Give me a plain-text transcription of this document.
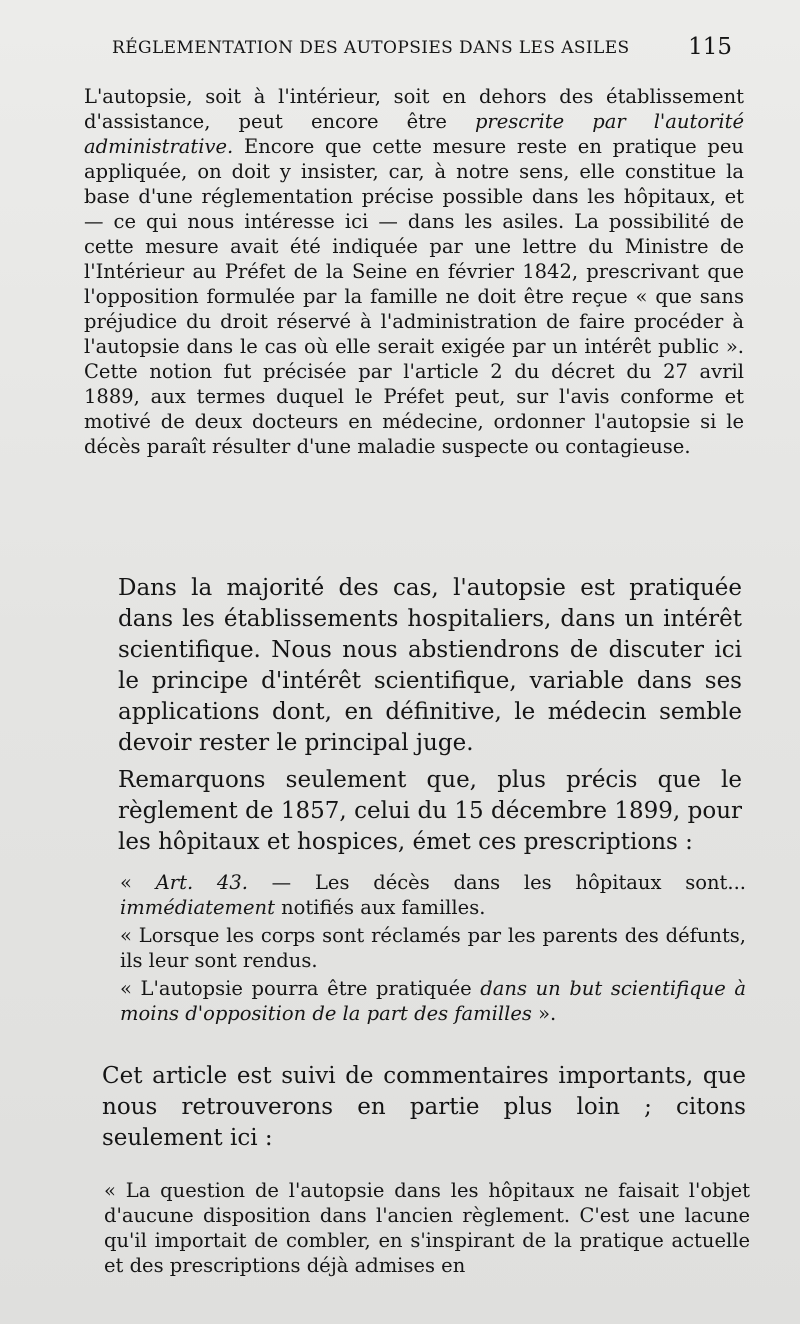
RÉGLEMENTATION DES AUTOPSIES DANS LES ASILES	115

L'autopsie, soit à l'intérieur, soit en dehors des établissement d'assistance, peut encore être prescrite par l'autorité administrative. Encore que cette mesure reste en pratique peu appliquée, on doit y insister, car, à notre sens, elle constitue la base d'une réglementation précise possible dans les hôpitaux, et — ce qui nous intéresse ici — dans les asiles. La possibilité de cette mesure avait été indiquée par une lettre du Ministre de l'Intérieur au Préfet de la Seine en février 1842, prescrivant que l'opposition formulée par la famille ne doit être reçue « que sans préjudice du droit réservé à l'administration de faire procéder à l'autopsie dans le cas où elle serait exigée par un intérêt public ». Cette notion fut précisée par l'article 2 du décret du 27 avril 1889, aux termes duquel le Préfet peut, sur l'avis conforme et motivé de deux docteurs en médecine, ordonner l'autopsie si le décès paraît résulter d'une maladie suspecte ou contagieuse.

Dans la majorité des cas, l'autopsie est pratiquée dans les établissements hospitaliers, dans un intérêt scientifique. Nous nous abstiendrons de discuter ici le principe d'intérêt scientifique, variable dans ses applications dont, en définitive, le médecin semble devoir rester le principal juge.

Remarquons seulement que, plus précis que le règlement de 1857, celui du 15 décembre 1899, pour les hôpitaux et hospices, émet ces prescriptions :

« Art. 43. — Les décès dans les hôpitaux sont... immédiatement notifiés aux familles.

« Lorsque les corps sont réclamés par les parents des défunts, ils leur sont rendus.

« L'autopsie pourra être pratiquée dans un but scientifique à moins d'opposition de la part des familles ».

Cet article est suivi de commentaires importants, que nous retrouverons en partie plus loin ; citons seulement ici :

« La question de l'autopsie dans les hôpitaux ne faisait l'objet d'aucune disposition dans l'ancien règlement. C'est une lacune qu'il importait de combler, en s'inspirant de la pratique actuelle et des prescriptions déjà admises en
